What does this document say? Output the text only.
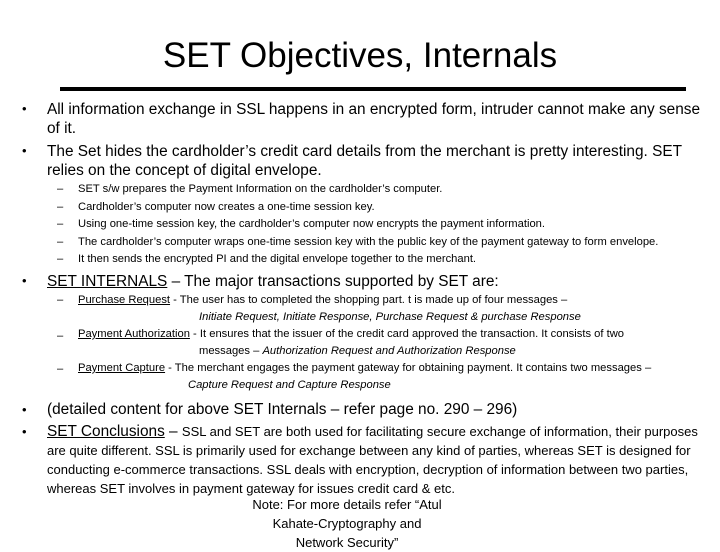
SET Objectives, Internals
• All information exchange in SSL happens in an encrypted form, intruder cannot make any sense of it.
• The Set hides the cardholder’s credit card details from the merchant is pretty interesting. SET relies on the concept of digital envelope.
– SET s/w prepares the Payment Information on the cardholder’s computer.
– Cardholder’s computer now creates a one-time session key.
– Using one-time session key, the cardholder’s computer now encrypts the payment information.
– The cardholder’s computer wraps one-time session key with the public key of the payment gateway to form envelope.
– It then sends the encrypted PI and the digital envelope together to the merchant.
• SET INTERNALS – The major transactions supported by SET are:
– Purchase Request - The user has to completed the shopping part. t is made up of four messages –
Initiate Request, Initiate Response, Purchase Request & purchase Response
– Payment Authorization - It ensures that the issuer of the credit card approved the transaction. It consists of two
messages – Authorization Request and Authorization Response
– Payment Capture - The merchant engages the payment gateway for obtaining payment. It contains two messages –
Capture Request and Capture Response
• (detailed content for above SET Internals – refer page no. 290 – 296)
• SET Conclusions – SSL and SET are both used for facilitating secure exchange of information, their purposes are quite different. SSL is primarily used for exchange between any kind of parties, whereas SET is designed for conducting e-commerce transactions. SSL deals with encryption, decryption of information between two parties, whereas SET involves in payment gateway for issues credit card & etc.
Note: For more details refer “Atul Kahate-Cryptography and Network Security”
